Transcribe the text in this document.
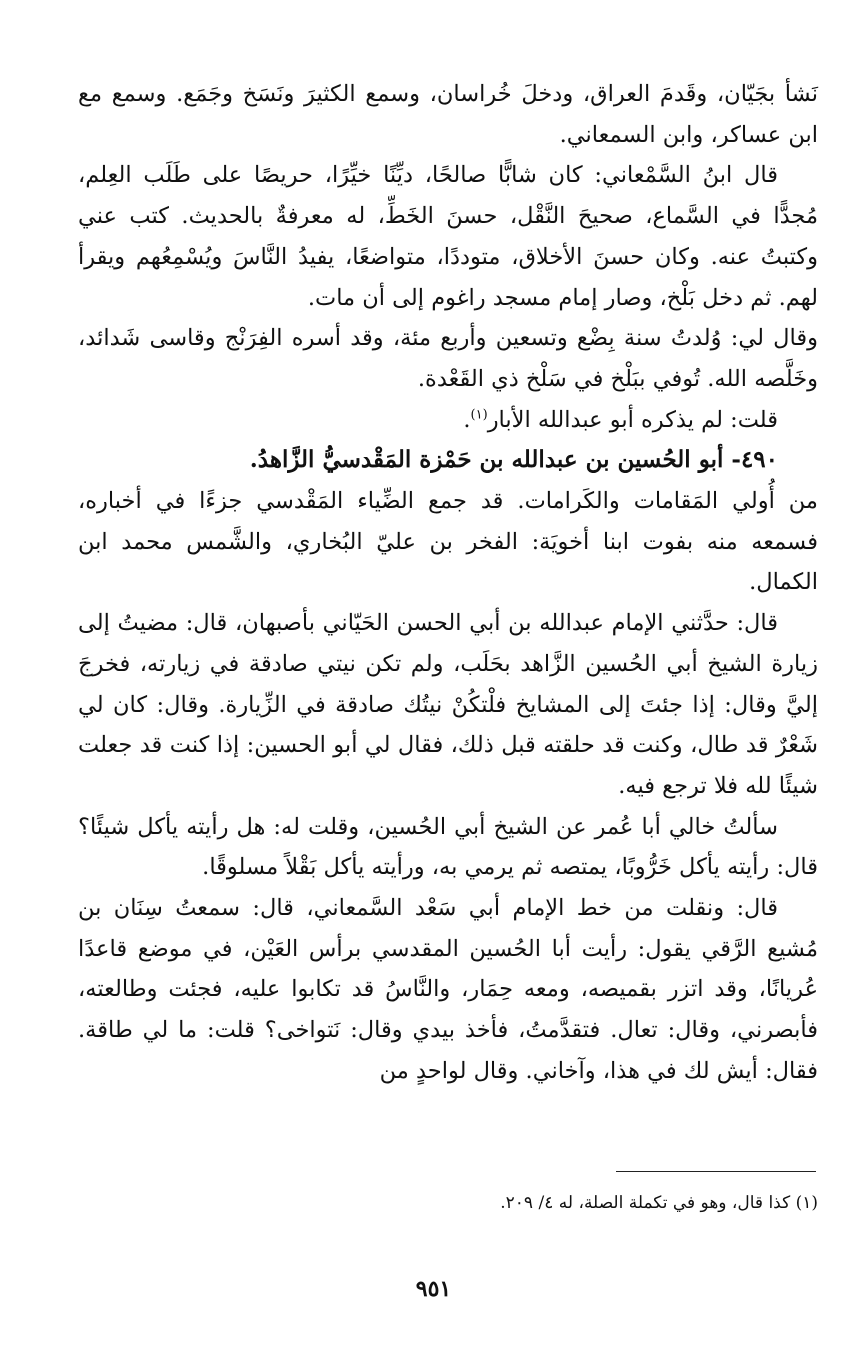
نَشأ بجَيّان، وقَدمَ العراق، ودخلَ خُراسان، وسمع الكثيرَ ونَسَخ وجَمَع. وسمع مع ابن عساكر، وابن السمعاني.

قال ابنُ السَّمْعاني: كان شابًّا صالحًا، ديِّنًا خيِّرًا، حريصًا على طَلَب العِلم، مُجدًّا في السَّماع، صحيحَ النَّقْل، حسنَ الخَطِّ، له معرفةٌ بالحديث. كتب عني وكتبتُ عنه. وكان حسنَ الأخلاق، متوددًا، متواضعًا، يفيدُ النَّاسَ ويُسْمِعُهم ويقرأ لهم. ثم دخل بَلْخ، وصار إمام مسجد راغوم إلى أن مات.

وقال لي: وُلدتُ سنة بِضْع وتسعين وأربع مئة، وقد أسره الفِرَنْج وقاسى شَدائد، وخَلَّصه الله. تُوفي ببَلْخ في سَلْخ ذي القَعْدة.

قلت: لم يذكره أبو عبدالله الأبار$^{(١)}$.

٤٩٠- أبو الحُسين بن عبدالله بن حَمْزة المَقْدسيُّ الزَّاهدُ.

من أُولي المَقامات والكَرامات. قد جمع الضِّياء المَقْدسي جزءًا في أخباره، فسمعه منه بفوت ابنا أخويَة: الفخر بن عليّ البُخاري، والشَّمس محمد ابن الكمال.

قال: حدَّثني الإمام عبدالله بن أبي الحسن الحَيّاني بأصبهان، قال: مضيتُ إلى زيارة الشيخ أبي الحُسين الزَّاهد بحَلَب، ولم تكن نيتي صادقة في زيارته، فخرجَ إليَّ وقال: إذا جئتَ إلى المشايخ فلْتكُنْ نيتُك صادقة في الزِّيارة. وقال: كان لي شَعْرٌ قد طال، وكنت قد حلقته قبل ذلك، فقال لي أبو الحسين: إذا كنت قد جعلت شيئًا لله فلا ترجع فيه.

سألتُ خالي أبا عُمر عن الشيخ أبي الحُسين، وقلت له: هل رأيته يأكل شيئًا؟ قال: رأيته يأكل خَرُّوبًا، يمتصه ثم يرمي به، ورأيته يأكل بَقْلاً مسلوقًا.

قال: ونقلت من خط الإمام أبي سَعْد السَّمعاني، قال: سمعتُ سِنَان بن مُشيع الرَّقي يقول: رأيت أبا الحُسين المقدسي برأس العَيْن، في موضع قاعدًا عُريانًا، وقد اتزر بقميصه، ومعه حِمَار، والنَّاسُ قد تكابوا عليه، فجئت وطالعته، فأبصرني، وقال: تعال. فتقدَّمتُ، فأخذ بيدي وقال: نَتواخى؟ قلت: ما لي طاقة. فقال: أيش لك في هذا، وآخاني. وقال لواحدٍ من

(١) كذا قال، وهو في تكملة الصلة، له ٤/ ٢٠٩.
٩٥١
